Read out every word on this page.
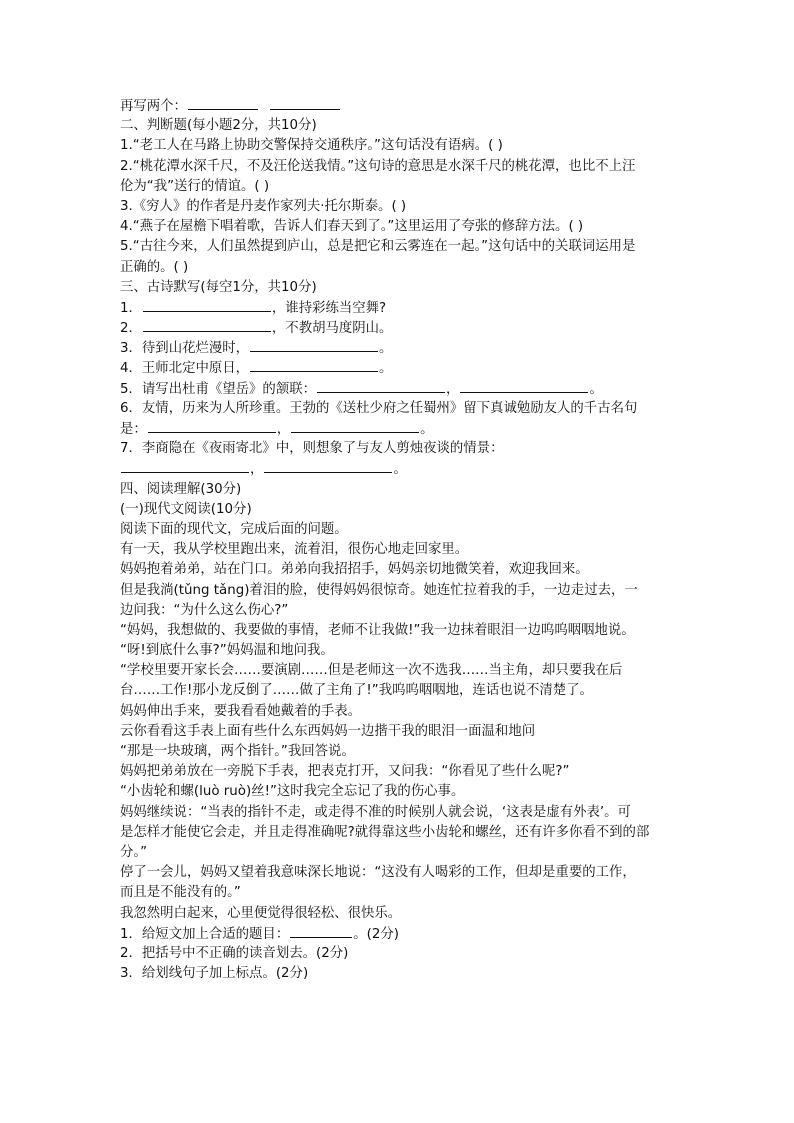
再写两个：
二、判断题(每小题2分，共10分)
1.“老工人在马路上协助交警保持交通秩序。”这句话没有语病。( )
2.“桃花潭水深千尺，不及汪伦送我情。”这句诗的意思是水深千尺的桃花潭，也比不上汪
伦为“我”送行的情谊。( )
3.《穷人》的作者是丹麦作家列夫·托尔斯泰。( )
4.“燕子在屋檐下唱着歌，告诉人们春天到了。”这里运用了夸张的修辞方法。( )
5.“古往今来，人们虽然提到庐山，总是把它和云雾连在一起。”这句话中的关联词运用是
正确的。( )
三、古诗默写(每空1分，共10分)
1．	，谁持彩练当空舞?
2．	，不教胡马度阴山。
3．待到山花烂漫时，	。
4．王师北定中原日，	。
5．请写出杜甫《望岳》的颔联：	，	。
6．友情，历来为人所珍重。王勃的《送杜少府之任蜀州》留下真诚勉励友人的千古名句
是：	，	。
7．李商隐在《夜雨寄北》中，则想象了与友人剪烛夜谈的情景：
，	。
四、阅读理解(30分)
(一)现代文阅读(10分)
阅读下面的现代文，完成后面的问题。
有一天，我从学校里跑出来，流着泪，很伤心地走回家里。
妈妈抱着弟弟，站在门口。弟弟向我招招手，妈妈亲切地微笑着，欢迎我回来。
但是我淌(tǔng tǎng)着泪的脸，使得妈妈很惊奇。她连忙拉着我的手，一边走过去，一
边问我：“为什么这么伤心?”
“妈妈，我想做的、我要做的事情，老师不让我做!”我一边抹着眼泪一边呜呜咽咽地说。
“呀!到底什么事?”妈妈温和地问我。
“学校里要开家长会……要演剧……但是老师这一次不选我……当主角，却只要我在后
台……工作!那小龙反倒了……做了主角了!”我呜呜咽咽地，连话也说不清楚了。
妈妈伸出手来，要我看看她戴着的手表。
云你看看这手表上面有些什么东西妈妈一边揩干我的眼泪一面温和地问
“那是一块玻璃，两个指针。”我回答说。
妈妈把弟弟放在一旁脱下手表，把表克打开，又问我：“你看见了些什么呢?”
“小齿轮和螺(luò ruò)丝!”这时我完全忘记了我的伤心事。
妈妈继续说：“当表的指针不走，或走得不准的时候别人就会说，‘这表是虚有外表’。可
是怎样才能使它会走，并且走得准确呢?就得靠这些小齿轮和螺丝，还有许多你看不到的部
分。”
停了一会儿，妈妈又望着我意味深长地说：“这没有人喝彩的工作，但却是重要的工作，
而且是不能没有的。”
我忽然明白起来，心里便觉得很轻松、很快乐。
1．给短文加上合适的题目：	。(2分)
2．把括号中不正确的读音划去。(2分)
3．给划线句子加上标点。(2分)
